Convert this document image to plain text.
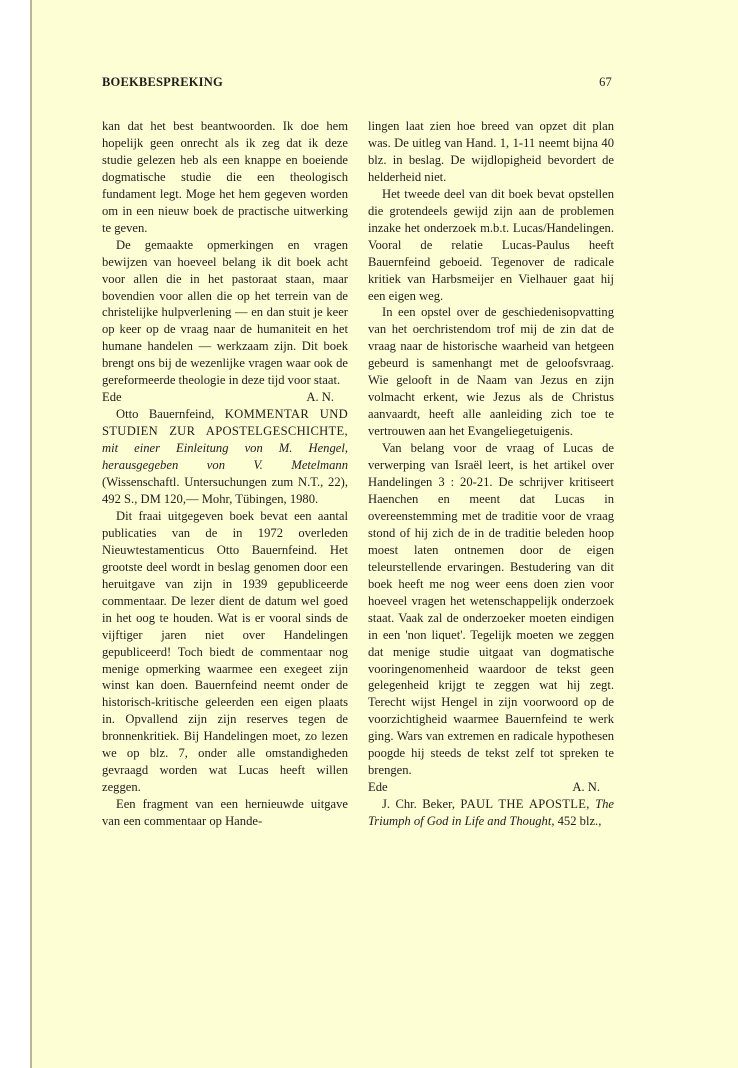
BOEKBESPREKING	67

kan dat het best beantwoorden. Ik doe hem hopelijk geen onrecht als ik zeg dat ik deze studie gelezen heb als een knappe en boeiende dogmatische studie die een theologisch fundament legt. Moge het hem gegeven worden om in een nieuw boek de practische uitwerking te geven.

De gemaakte opmerkingen en vragen bewijzen van hoeveel belang ik dit boek acht voor allen die in het pastoraat staan, maar bovendien voor allen die op het terrein van de christelijke hulpverlening — en dan stuit je keer op keer op de vraag naar de humaniteit en het humane handelen — werkzaam zijn. Dit boek brengt ons bij de wezenlijke vragen waar ook de gereformeerde theologie in deze tijd voor staat.

Ede	A. N.

Otto Bauernfeind, KOMMENTAR UND STUDIEN ZUR APOSTELGESCHICHTE, mit einer Einleitung von M. Hengel, herausgegeben von V. Metelmann (Wissenschaftl. Untersuchungen zum N.T., 22), 492 S., DM 120,— Mohr, Tübingen, 1980.

Dit fraai uitgegeven boek bevat een aantal publicaties van de in 1972 overleden Nieuwtestamenticus Otto Bauernfeind. Het grootste deel wordt in beslag genomen door een heruitgave van zijn in 1939 gepubliceerde commentaar. De lezer dient de datum wel goed in het oog te houden. Wat is er vooral sinds de vijftiger jaren niet over Handelingen gepubliceerd! Toch biedt de commentaar nog menige opmerking waarmee een exegeet zijn winst kan doen. Bauernfeind neemt onder de historisch-kritische geleerden een eigen plaats in. Opvallend zijn zijn reserves tegen de bronnenkritiek. Bij Handelingen moet, zo lezen we op blz. 7, onder alle omstandigheden gevraagd worden wat Lucas heeft willen zeggen.

Een fragment van een hernieuwde uitgave van een commentaar op Hande-

lingen laat zien hoe breed van opzet dit plan was. De uitleg van Hand. 1, 1-11 neemt bijna 40 blz. in beslag. De wijdlopigheid bevordert de helderheid niet.

Het tweede deel van dit boek bevat opstellen die grotendeels gewijd zijn aan de problemen inzake het onderzoek m.b.t. Lucas/Handelingen. Vooral de relatie Lucas-Paulus heeft Bauernfeind geboeid. Tegenover de radicale kritiek van Harbsmeijer en Vielhauer gaat hij een eigen weg.

In een opstel over de geschiedenisopvatting van het oerchristendom trof mij de zin dat de vraag naar de historische waarheid van hetgeen gebeurd is samenhangt met de geloofsvraag. Wie gelooft in de Naam van Jezus en zijn volmacht erkent, wie Jezus als de Christus aanvaardt, heeft alle aanleiding zich toe te vertrouwen aan het Evangeliegetuigenis.

Van belang voor de vraag of Lucas de verwerping van Israël leert, is het artikel over Handelingen 3 : 20-21. De schrijver kritiseert Haenchen en meent dat Lucas in overeenstemming met de traditie voor de vraag stond of hij zich de in de traditie beleden hoop moest laten ontnemen door de eigen teleurstellende ervaringen. Bestudering van dit boek heeft me nog weer eens doen zien voor hoeveel vragen het wetenschappelijk onderzoek staat. Vaak zal de onderzoeker moeten eindigen in een 'non liquet'. Tegelijk moeten we zeggen dat menige studie uitgaat van dogmatische vooringenomenheid waardoor de tekst geen gelegenheid krijgt te zeggen wat hij zegt. Terecht wijst Hengel in zijn voorwoord op de voorzichtigheid waarmee Bauernfeind te werk ging. Wars van extremen en radicale hypothesen poogde hij steeds de tekst zelf tot spreken te brengen.

Ede	A. N.

J. Chr. Beker, PAUL THE APOSTLE, The Triumph of God in Life and Thought, 452 blz.,
